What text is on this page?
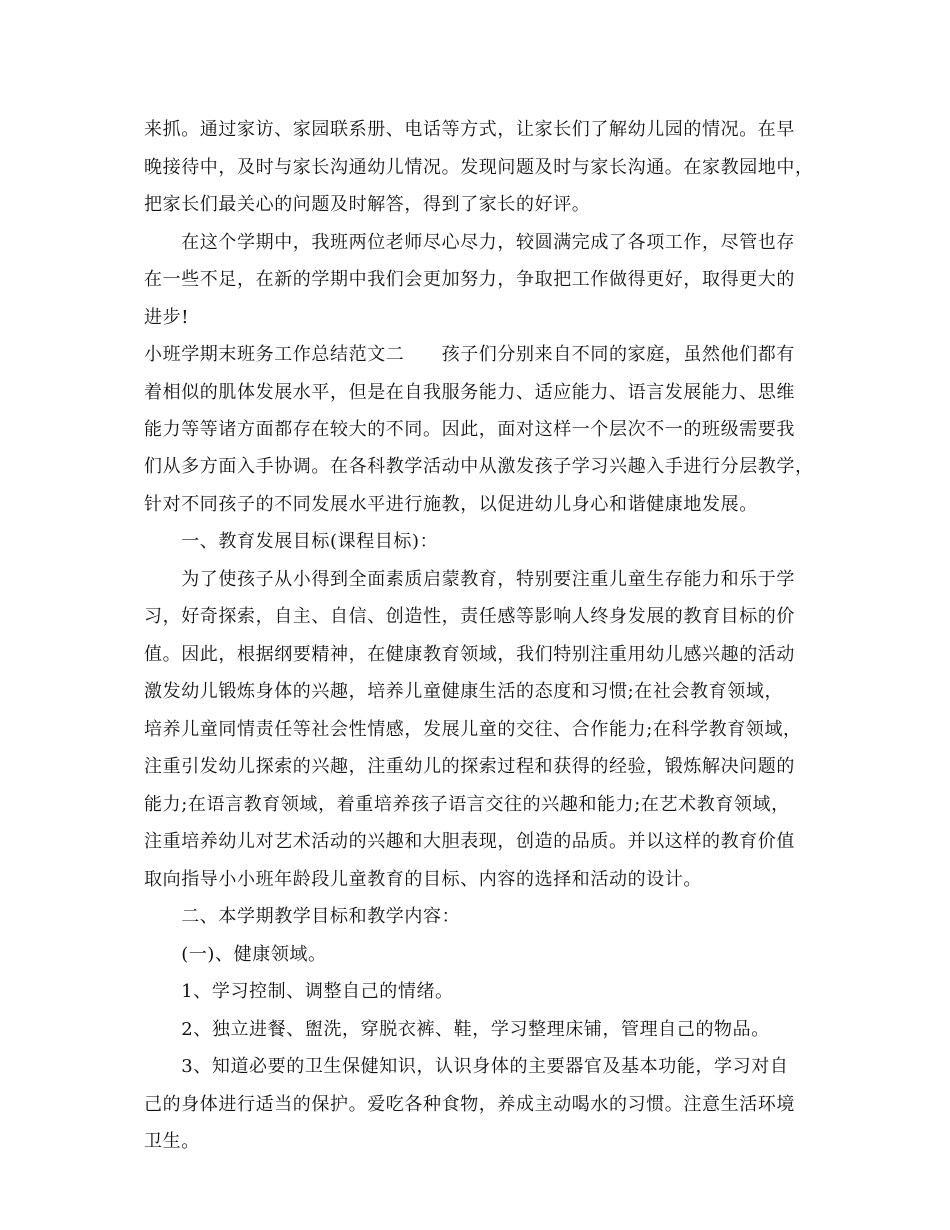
来抓。通过家访、家园联系册、电话等方式，让家长们了解幼儿园的情况。在早
晚接待中，及时与家长沟通幼儿情况。发现问题及时与家长沟通。在家教园地中，
把家长们最关心的问题及时解答，得到了家长的好评。
　　在这个学期中，我班两位老师尽心尽力，较圆满完成了各项工作，尽管也存
在一些不足，在新的学期中我们会更加努力，争取把工作做得更好，取得更大的
进步!
小班学期末班务工作总结范文二　　孩子们分别来自不同的家庭，虽然他们都有
着相似的肌体发展水平，但是在自我服务能力、适应能力、语言发展能力、思维
能力等等诸方面都存在较大的不同。因此，面对这样一个层次不一的班级需要我
们从多方面入手协调。在各科教学活动中从激发孩子学习兴趣入手进行分层教学，
针对不同孩子的不同发展水平进行施教，以促进幼儿身心和谐健康地发展。
　　一、教育发展目标(课程目标)：
　　为了使孩子从小得到全面素质启蒙教育，特别要注重儿童生存能力和乐于学
习，好奇探索，自主、自信、创造性，责任感等影响人终身发展的教育目标的价
值。因此，根据纲要精神，在健康教育领域，我们特别注重用幼儿感兴趣的活动
激发幼儿锻炼身体的兴趣，培养儿童健康生活的态度和习惯;在社会教育领域，
培养儿童同情责任等社会性情感，发展儿童的交往、合作能力;在科学教育领域，
注重引发幼儿探索的兴趣，注重幼儿的探索过程和获得的经验，锻炼解决问题的
能力;在语言教育领域，着重培养孩子语言交往的兴趣和能力;在艺术教育领域，
注重培养幼儿对艺术活动的兴趣和大胆表现，创造的品质。并以这样的教育价值
取向指导小小班年龄段儿童教育的目标、内容的选择和活动的设计。
　　二、本学期教学目标和教学内容：
　　(一)、健康领域。
　　1、学习控制、调整自己的情绪。
　　2、独立进餐、盥洗，穿脱衣裤、鞋，学习整理床铺，管理自己的物品。
　　3、知道必要的卫生保健知识，认识身体的主要器官及基本功能，学习对自
己的身体进行适当的保护。爱吃各种食物，养成主动喝水的习惯。注意生活环境
卫生。
